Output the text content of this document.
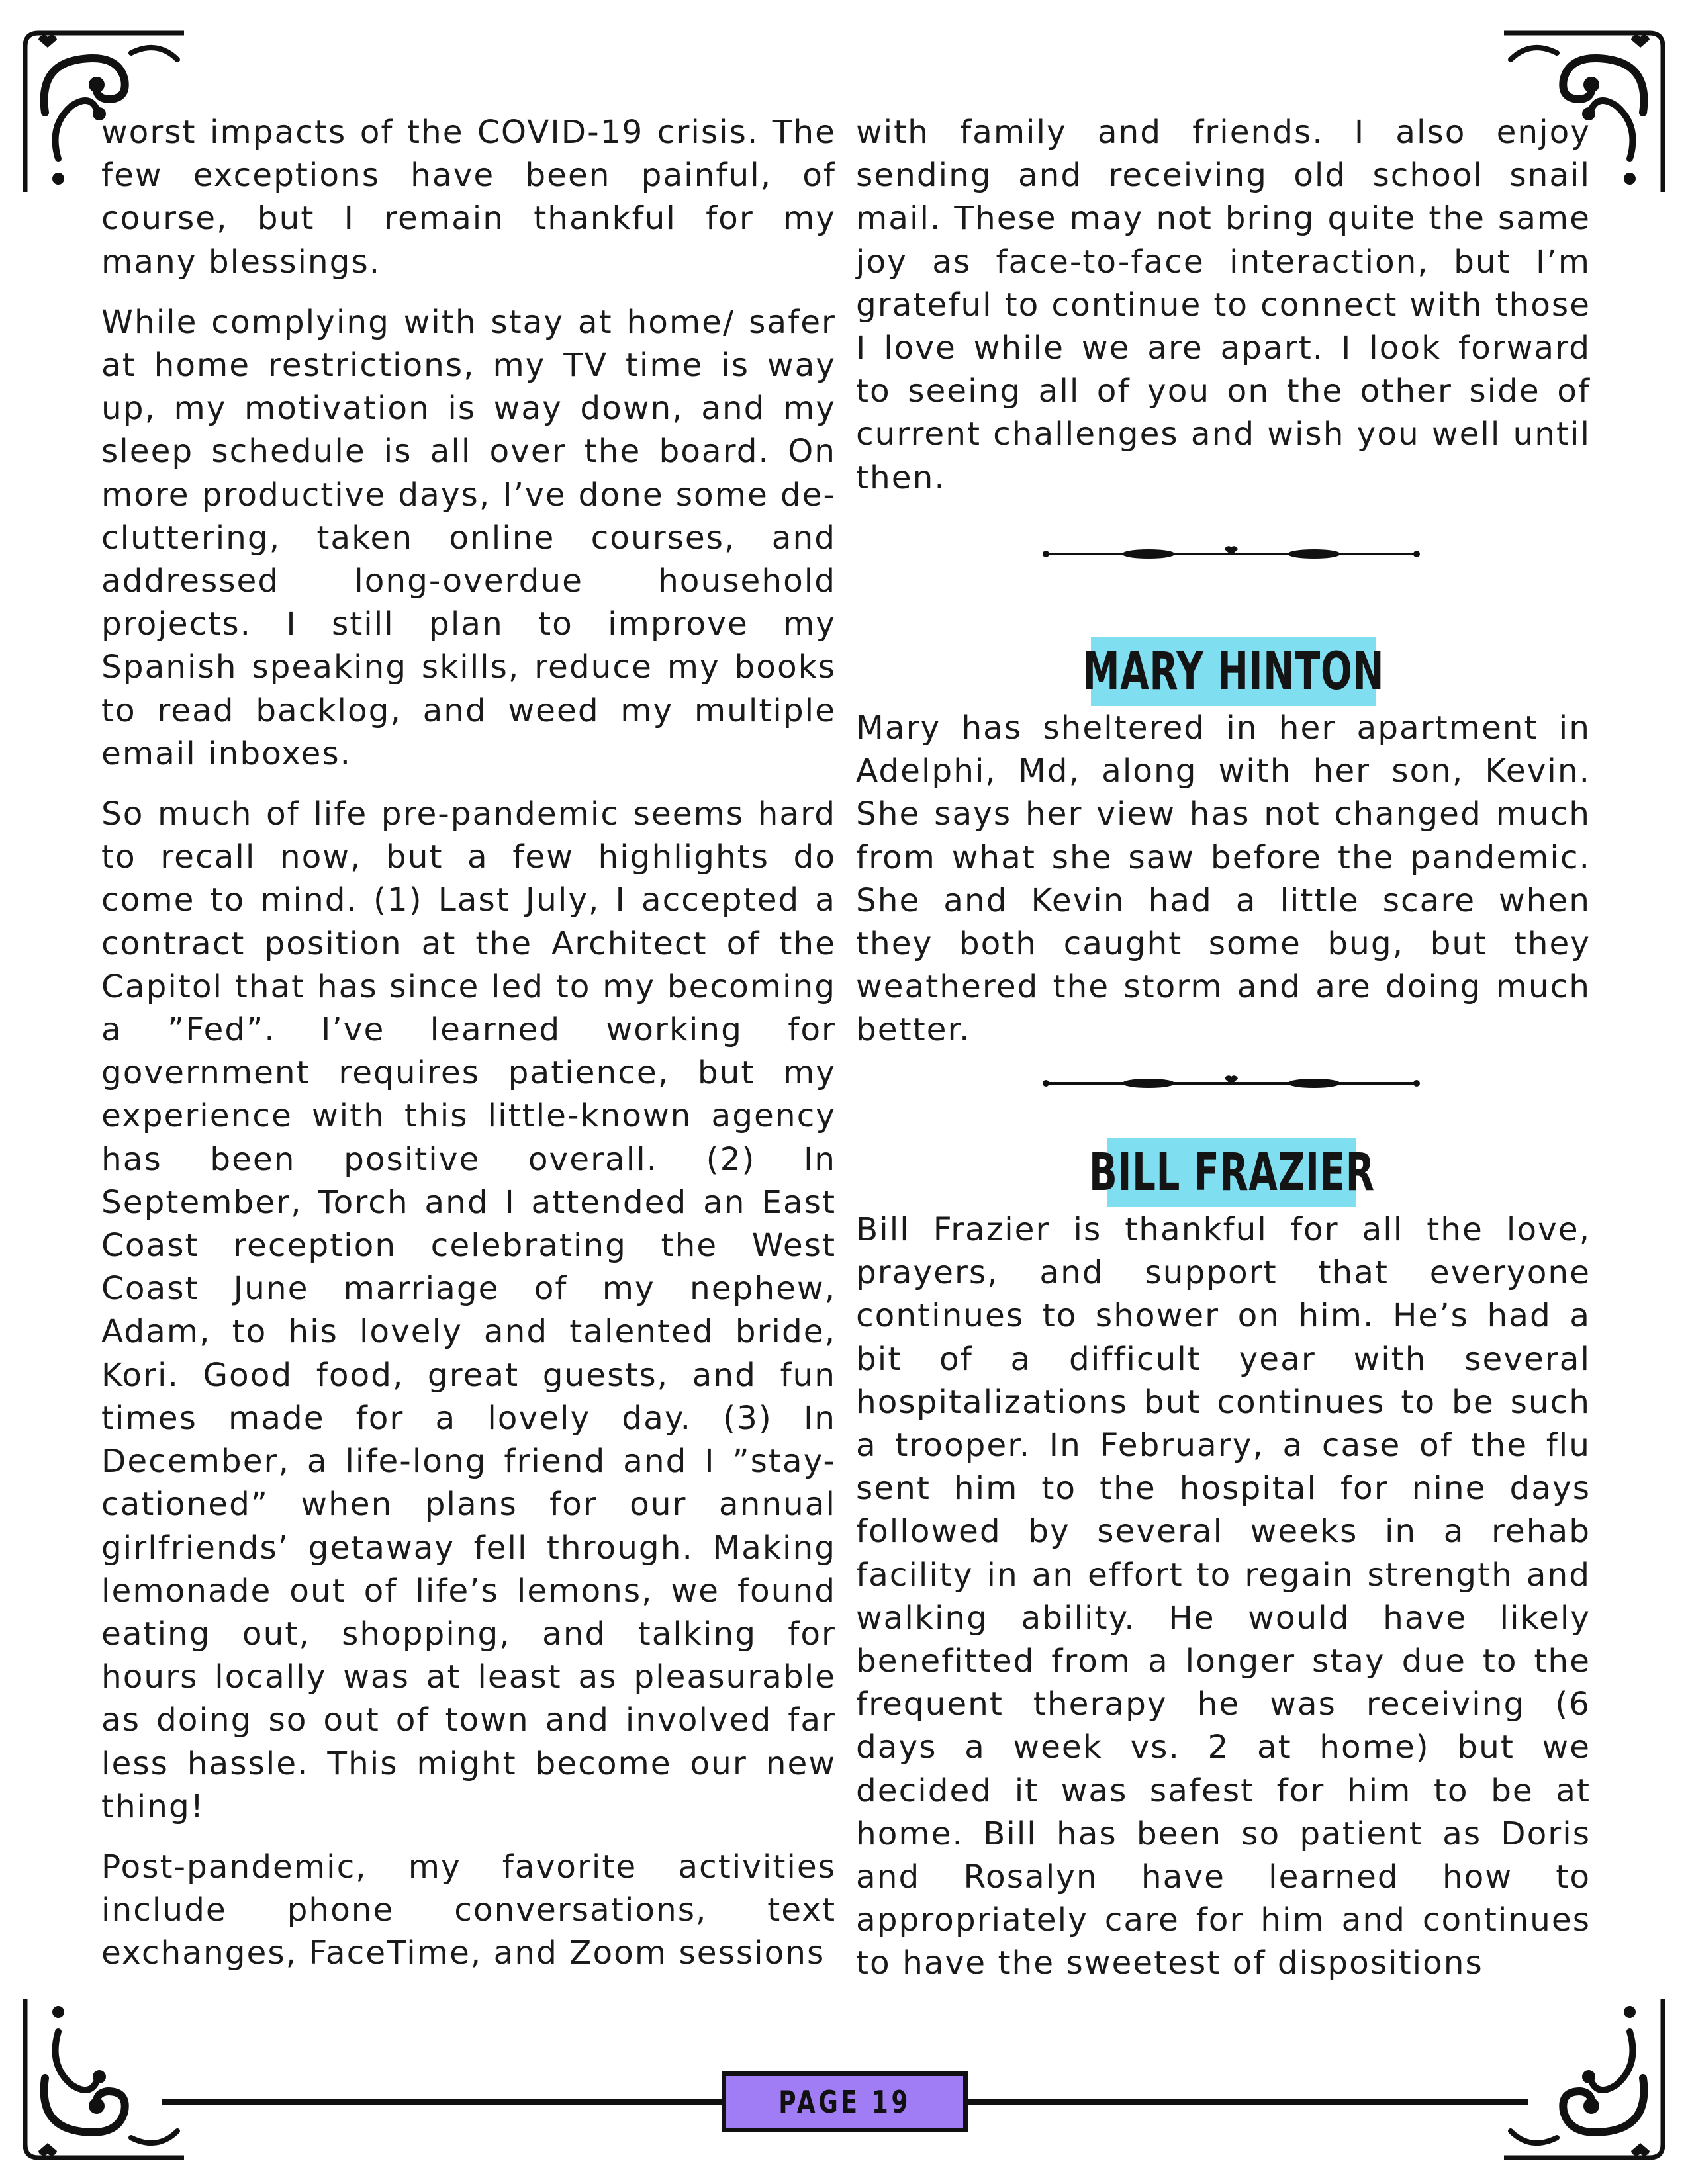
worst impacts of the COVID-19 crisis. The few exceptions have been painful, of course, but I remain thankful for my many blessings.

While complying with stay at home/ safer at home restrictions, my TV time is way up, my motivation is way down, and my sleep schedule is all over the board. On more productive days, I’ve done some de-cluttering, taken online courses, and addressed long-overdue household projects. I still plan to improve my Spanish speaking skills, reduce my books to read backlog, and weed my multiple email inboxes.

So much of life pre-pandemic seems hard to recall now, but a few highlights do come to mind. (1) Last July, I accepted a contract position at the Architect of the Capitol that has since led to my becoming a ”Fed”. I’ve learned working for government requires patience, but my experience with this little-known agency has been positive overall. (2) In September, Torch and I attended an East Coast reception celebrating the West Coast June marriage of my nephew, Adam, to his lovely and talented bride, Kori. Good food, great guests, and fun times made for a lovely day. (3) In December, a life-long friend and I ”stay-cationed” when plans for our annual girlfriends’ getaway fell through. Making lemonade out of life’s lemons, we found eating out, shopping, and talking for hours locally was at least as pleasurable as doing so out of town and involved far less hassle. This might become our new thing!

Post-pandemic, my favorite activities include phone conversations, text exchanges, FaceTime, and Zoom sessions

with family and friends. I also enjoy sending and receiving old school snail mail. These may not bring quite the same joy as face-to-face interaction, but I’m grateful to continue to connect with those I love while we are apart. I look forward to seeing all of you on the other side of current challenges and wish you well until then.

MARY HINTON

Mary has sheltered in her apartment in Adelphi, Md, along with her son, Kevin. She says her view has not changed much from what she saw before the pandemic. She and Kevin had a little scare when they both caught some bug, but they weathered the storm and are doing much better.

BILL FRAZIER

Bill Frazier is thankful for all the love, prayers, and support that everyone continues to shower on him. He’s had a bit of a difficult year with several hospitalizations but continues to be such a trooper. In February, a case of the flu sent him to the hospital for nine days followed by several weeks in a rehab facility in an effort to regain strength and walking ability. He would have likely benefitted from a longer stay due to the frequent therapy he was receiving (6 days a week vs. 2 at home) but we decided it was safest for him to be at home. Bill has been so patient as Doris and Rosalyn have learned how to appropriately care for him and continues to have the sweetest of dispositions

PAGE 19
